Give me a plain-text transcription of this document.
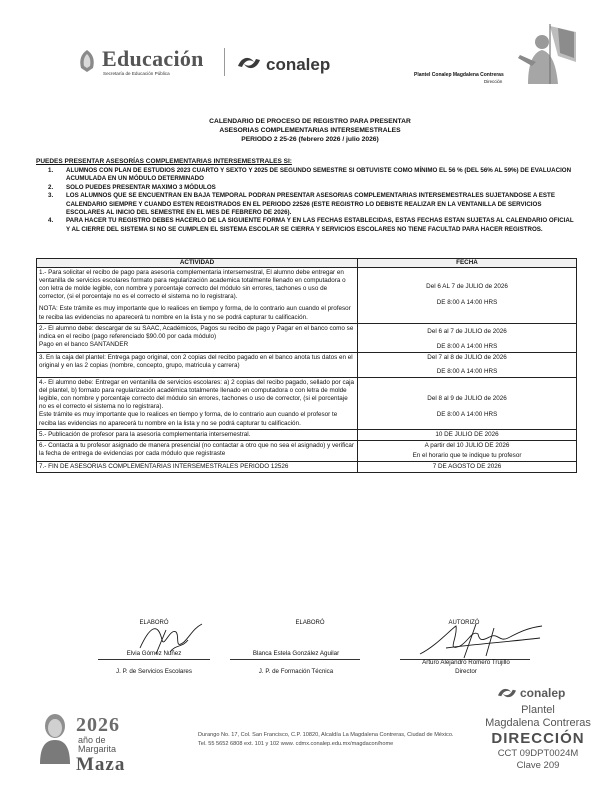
Educación
Secretaría de Educación Pública	conalep
Plantel Conalep Magdalena Contreras
Dirección
CALENDARIO DE PROCESO DE REGISTRO PARA PRESENTAR
ASESORIAS COMPLEMENTARIAS INTERSEMESTRALES
PERIODO 2 25-26 (febrero 2026 / julio 2026)
PUEDES PRESENTAR ASESORÍAS COMPLEMENTARIAS INTERSEMESTRALES SI:
1. ALUMNOS CON PLAN DE ESTUDIOS 2023 CUARTO Y SEXTO Y 2025 DE SEGUNDO SEMESTRE SI OBTUVISTE COMO MÍNIMO EL 56 % (DEL 56% AL 59%) DE EVALUACION ACUMULADA EN UN MÓDULO DETERMINADO
2. SOLO PUEDES PRESENTAR MAXIMO 3 MÓDULOS
3. LOS ALUMNOS QUE SE ENCUENTRAN EN BAJA TEMPORAL PODRAN PRESENTAR ASESORIAS COMPLEMENTARIAS INTERSEMESTRALES SUJETANDOSE A ESTE CALENDARIO SIEMPRE Y CUANDO ESTEN REGISTRADOS EN EL PERIODO 22526 (ESTE REGISTRO LO DEBISTE REALIZAR EN LA VENTANILLA DE SERVICIOS ESCOLARES AL INICIO DEL SEMESTRE EN EL MES DE FEBRERO DE 2026).
4. PARA HACER TU REGISTRO DEBES HACERLO DE LA SIGUIENTE FORMA Y EN LAS FECHAS ESTABLECIDAS, ESTAS FECHAS ESTAN SUJETAS AL CALENDARIO OFICIAL Y AL CIERRE DEL SISTEMA SI NO SE CUMPLEN EL SISTEMA ESCOLAR SE CIERRA Y SERVICIOS ESCOLARES NO TIENE FACULTAD PARA HACER REGISTROS.
ACTIVIDAD	FECHA

1.- Para solicitar el recibo de pago para asesoría complementaria intersemestral, El alumno debe entregar en ventanilla de servicios escolares formato para regularización academica totalmente llenado en computadora o con letra de molde legible, con nombre y porcentaje correcto del módulo sin errores, tachones o uso de corrector, (si el porcentaje no es el correcto el sistema no lo registrara).
NOTA: Este trámite es muy importante que lo realices en tiempo y forma, de lo contrario aun cuando el profesor te reciba las evidencias no aparecerá tu nombre en la lista y no se podrá capturar tu calificación.	Del 6 AL 7 de JULIO de 2026
DE 8:00 A 14:00 HRS

2.- El alumno debe: descargar de su SAAC, Académicos, Pagos su recibo de pago y Pagar en el banco como se indica en el recibo (pago referenciado $90.00 por cada módulo)
Pago en el banco SANTANDER	Del 6 al 7 de JULIO de 2026
DE 8:00 A 14:00 HRS

3. En la caja del plantel: Entrega pago original, con 2 copias del recibo pagado en el banco anota tus datos en el original y en las 2 copias (nombre, concepto, grupo, matricula y carrera)	Del 7 al 8 de JULIO de 2026
DE 8:00 A 14:00 HRS

4.- El alumno debe: Entregar en ventanilla de servicios escolares: a) 2 copias del recibo pagado, sellado por caja del plantel, b) formato para regularización académica totalmente llenado en computadora o con letra de molde legible, con nombre y porcentaje correcto del módulo sin errores, tachones o uso de corrector, (si el porcentaje no es el correcto el sistema no lo registrara).
Este trámite es muy importante que lo realices en tiempo y forma, de lo contrario aun cuando el profesor te reciba las evidencias no aparecerá tu nombre en la lista y no se podrá capturar tu calificación.	Del 8 al 9 de JULIO de 2026
DE 8:00 A 14:00 HRS

5.- Publicación de profesor para la asesoría complementaria intersemestral.	10 DE JULIO DE 2026

6.- Contacta a tu profesor asignado de manera presencial (no contactar a otro que no sea el asignado) y verificar la fecha de entrega de evidencias por cada módulo que registraste	A partir del 10 JULIO DE 2026
En el horario que te indique tu profesor

7.- FIN DE ASESORIAS COMPLEMENTARIAS INTERSEMESTRALES PERIODO 12526	7 DE AGOSTO DE 2026
ELABORÓ
Elvia Gómez Nuñez
J. P. de Servicios Escolares
ELABORÓ
Blanca Estela González Aguilar
J. P. de Formación Técnica
AUTORIZÓ
Arturo Alejandro Romero Trujillo
Director
2026
año de
Margarita
Maza
Durango No. 17, Col. San Francisco, C.P. 10820, Alcaldía La Magdalena Contreras, Ciudad de México.
Tel. 55 5652 6808 ext. 101 y 102 www. cdmx.conalep.edu.mx/magdacon/home
conalep
Plantel
Magdalena Contreras
DIRECCIÓN
CCT 09DPT0024M
Clave 209
